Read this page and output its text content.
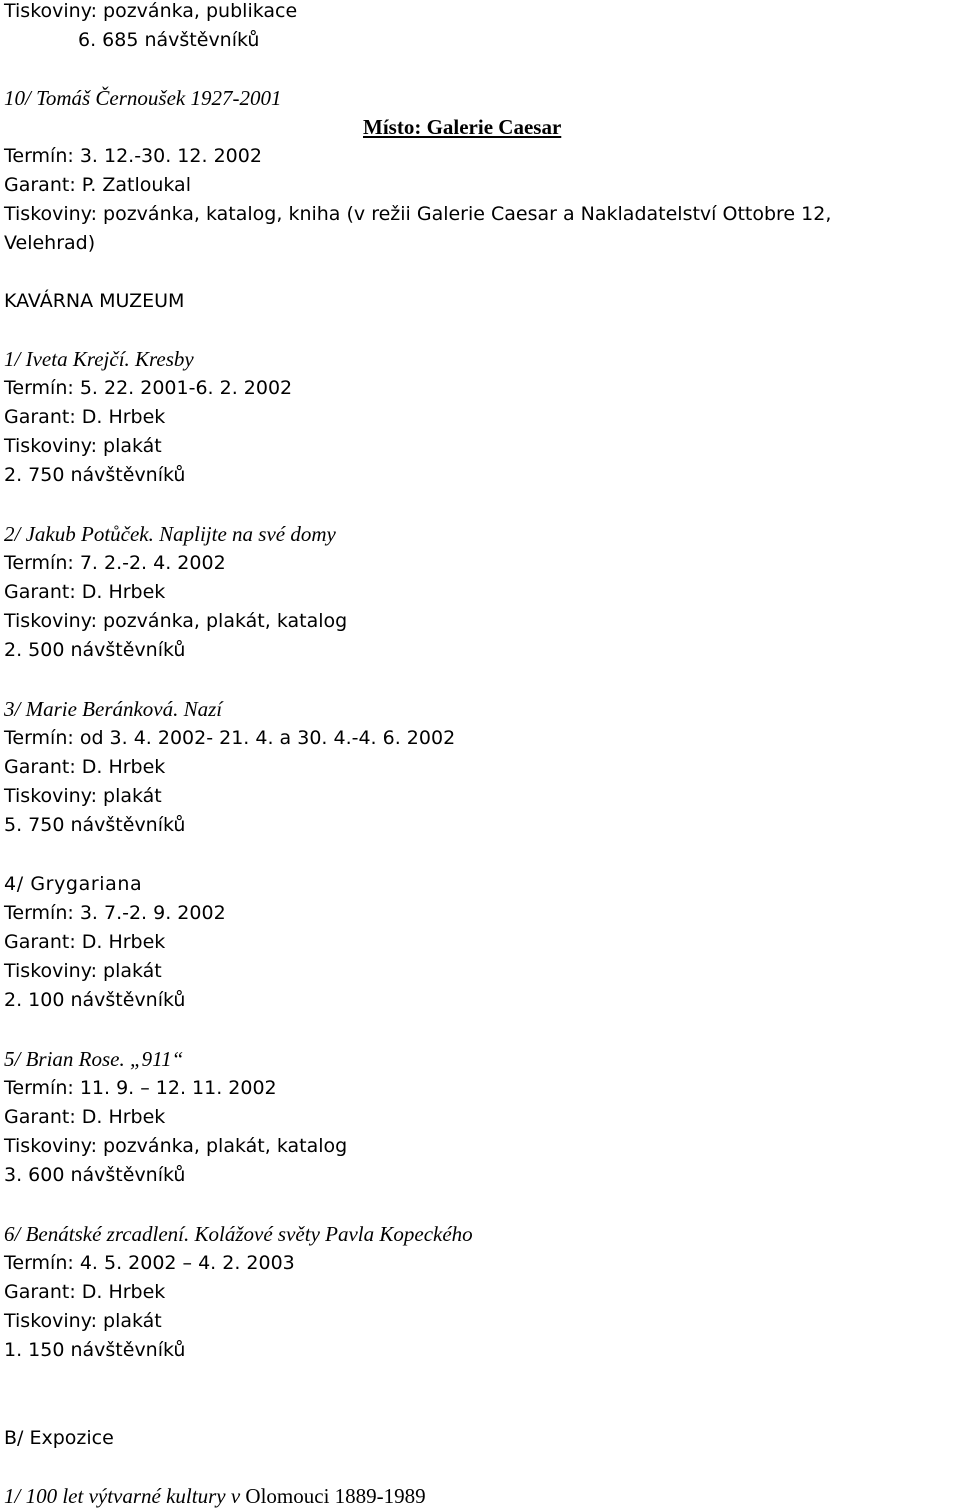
Tiskoviny: pozvánka, publikace

6. 685 návštěvníků

10/ Tomáš Černoušek 1927-2001

Místo: Galerie Caesar

Termín: 3. 12.-30. 12. 2002

Garant: P. Zatloukal

Tiskoviny: pozvánka, katalog, kniha (v režii Galerie Caesar a Nakladatelství Ottobre 12,

Velehrad)

KAVÁRNA MUZEUM

1/ Iveta Krejčí. Kresby

Termín: 5. 22. 2001-6. 2. 2002

Garant: D. Hrbek

Tiskoviny: plakát

2. 750 návštěvníků

2/ Jakub Potůček. Naplijte na své domy

Termín: 7. 2.-2. 4. 2002

Garant: D. Hrbek

Tiskoviny: pozvánka, plakát, katalog

2. 500 návštěvníků

3/ Marie Beránková. Nazí

Termín: od 3. 4. 2002- 21. 4. a 30. 4.-4. 6. 2002

Garant: D. Hrbek

Tiskoviny: plakát

5. 750 návštěvníků

4/ Grygariana

Termín: 3. 7.-2. 9. 2002

Garant: D. Hrbek

Tiskoviny: plakát

2. 100 návštěvníků

5/ Brian Rose. „911“

Termín: 11. 9. – 12. 11. 2002

Garant: D. Hrbek

Tiskoviny: pozvánka, plakát, katalog

3. 600 návštěvníků

6/ Benátské zrcadlení. Kolážové světy Pavla Kopeckého

Termín: 4. 5. 2002 – 4. 2. 2003

Garant: D. Hrbek

Tiskoviny: plakát

1. 150 návštěvníků

B/ Expozice

1/ 100 let výtvarné kultury v Olomouci 1889-1989
